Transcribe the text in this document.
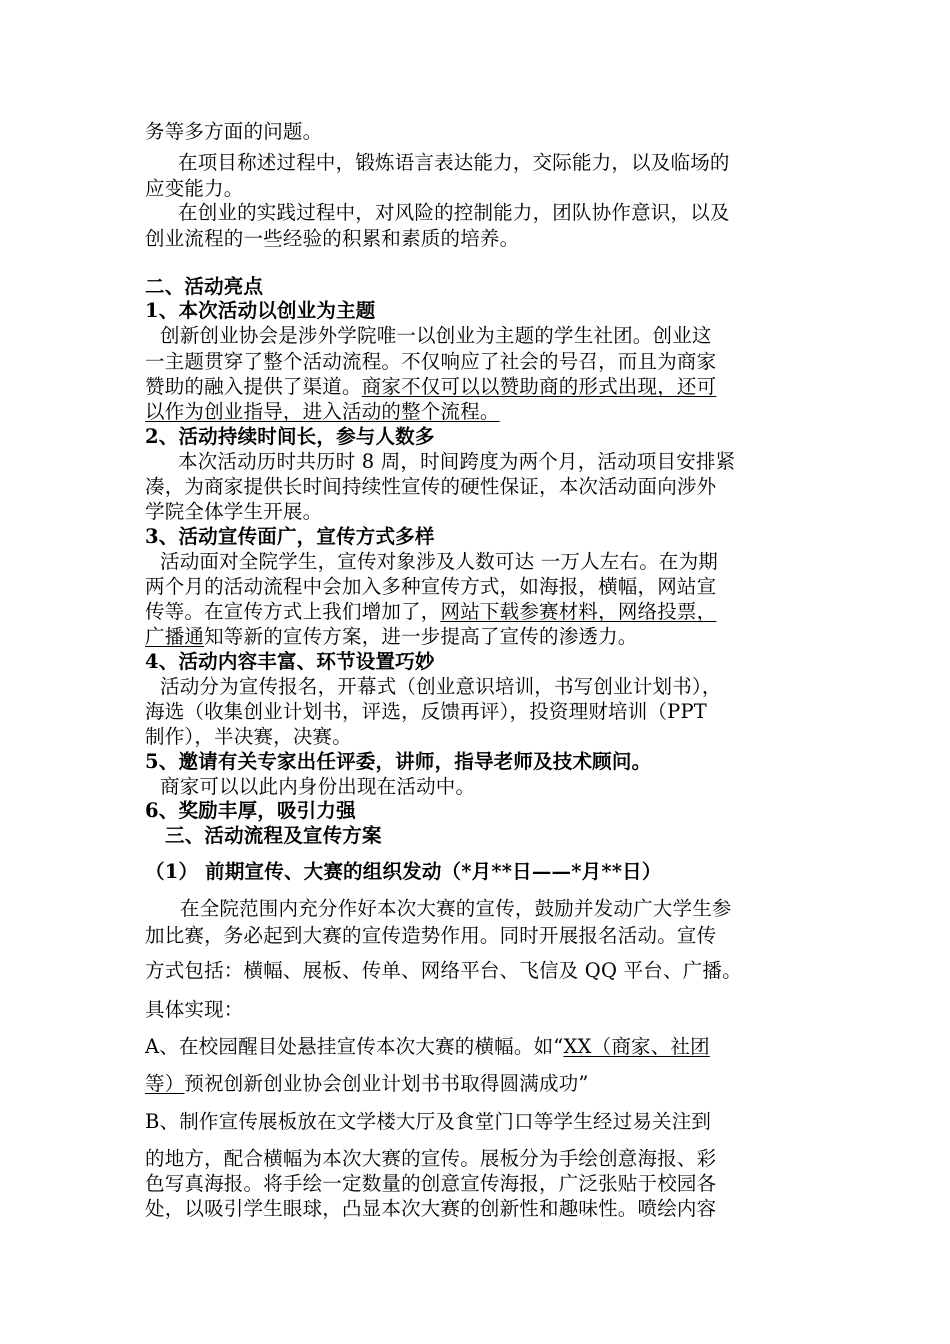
务等多方面的问题。
在项目称述过程中，锻炼语言表达能力，交际能力，以及临场的
应变能力。
在创业的实践过程中，对风险的控制能力，团队协作意识，以及
创业流程的一些经验的积累和素质的培养。
二、活动亮点
1、本次活动以创业为主题
创新创业协会是涉外学院唯一以创业为主题的学生社团。创业这
一主题贯穿了整个活动流程。不仅响应了社会的号召，而且为商家
赞助的融入提供了渠道。商家不仅可以以赞助商的形式出现，还可
以作为创业指导，进入活动的整个流程。
2、活动持续时间长，参与人数多
本次活动历时共历时 8 周，时间跨度为两个月，活动项目安排紧
凑，为商家提供长时间持续性宣传的硬性保证，本次活动面向涉外
学院全体学生开展。
3、活动宣传面广，宣传方式多样
活动面对全院学生，宣传对象涉及人数可达 一万人左右。在为期
两个月的活动流程中会加入多种宣传方式，如海报，横幅，网站宣
传等。在宣传方式上我们增加了，网站下载参赛材料，网络投票，
广播通知等新的宣传方案，进一步提高了宣传的渗透力。
4、活动内容丰富、环节设置巧妙
活动分为宣传报名，开幕式（创业意识培训，书写创业计划书），
海选（收集创业计划书，评选，反馈再评），投资理财培训（PPT
制作），半决赛，决赛。
5、邀请有关专家出任评委，讲师，指导老师及技术顾问。
商家可以以此内身份出现在活动中。
6、奖励丰厚，吸引力强
三、活动流程及宣传方案
（1） 前期宣传、大赛的组织发动（*月**日——*月**日）
在全院范围内充分作好本次大赛的宣传，鼓励并发动广大学生参
加比赛，务必起到大赛的宣传造势作用。同时开展报名活动。宣传
方式包括：横幅、展板、传单、网络平台、飞信及 QQ 平台、广播。
具体实现：
A、在校园醒目处悬挂宣传本次大赛的横幅。如“XX（商家、社团
等）预祝创新创业协会创业计划书书取得圆满成功”
B、制作宣传展板放在文学楼大厅及食堂门口等学生经过易关注到
的地方，配合横幅为本次大赛的宣传。展板分为手绘创意海报、彩
色写真海报。将手绘一定数量的创意宣传海报，广泛张贴于校园各
处，以吸引学生眼球，凸显本次大赛的创新性和趣味性。喷绘内容
